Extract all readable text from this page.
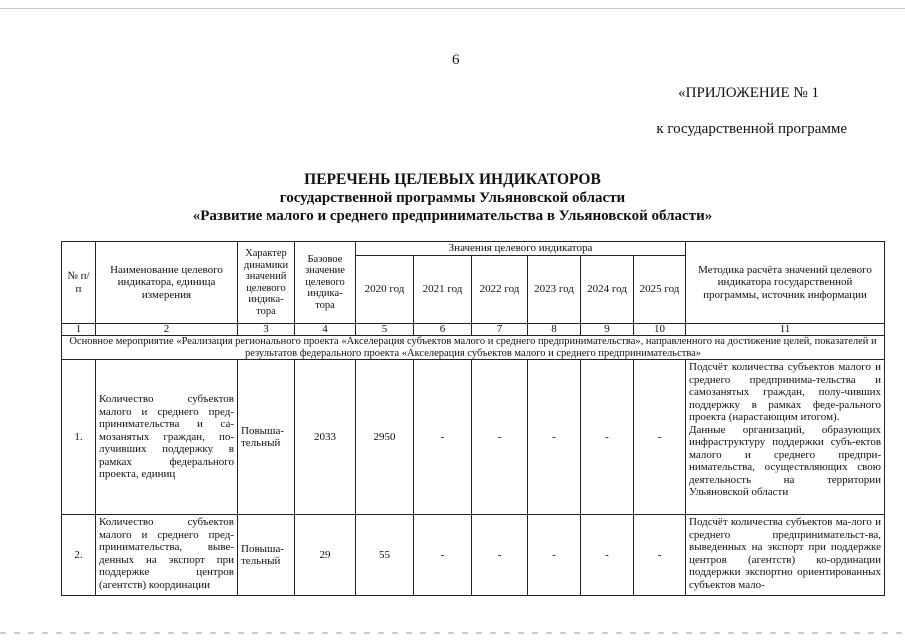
6
«ПРИЛОЖЕНИЕ № 1
к государственной программе
ПЕРЕЧЕНЬ ЦЕЛЕВЫХ ИНДИКАТОРОВ
государственной программы Ульяновской области
«Развитие малого и среднего предпринимательства в Ульяновской области»
№ п/п	Наименование целевого индикатора, единица измерения	Характер динамики значений целевого индика-тора	Базовое значение целевого индика-тора	Значения целевого индикатора						Методика расчёта значений целевого индикатора государственной программы, источник информации
				2020 год	2021 год	2022 год	2023 год	2024 год	2025 год	
1	2	3	4	5	6	7	8	9	10	11
Основное мероприятие «Реализация регионального проекта «Акселерация субъектов малого и среднего предпринимательства», направленного на достижение целей, показателей и результатов федерального проекта «Акселерация субъектов малого и среднего предпринимательства»										
1.	Количество субъектов малого и среднего пред-принимательства и са-мозанятых граждан, по-лучивших поддержку в рамках федерального проекта, единиц	Повыша-тельный	2033	2950	-	-	-	-	-	Подсчёт количества субъектов малого и среднего предпринима-тельства и самозанятых граждан, полу-чивших поддержку в рамках феде-рального проекта (нарастающим итогом).
Данные организаций, образующих инфраструктуру поддержки субъ-ектов малого и среднего предпри-нимательства, осуществляющих свою деятельность на территории Ульяновской области

2.	Количество субъектов малого и среднего пред-принимательства, выве-денных на экспорт при поддержке центров (агентств) координации	Повыша-тельный	29	55	-	-	-	-	-	Подсчёт количества субъектов ма-лого и среднего предпринимательст-ва, выведенных на экспорт при поддержке центров (агентств) ко-ординации поддержки экспортно ориентированных субъектов мало-
